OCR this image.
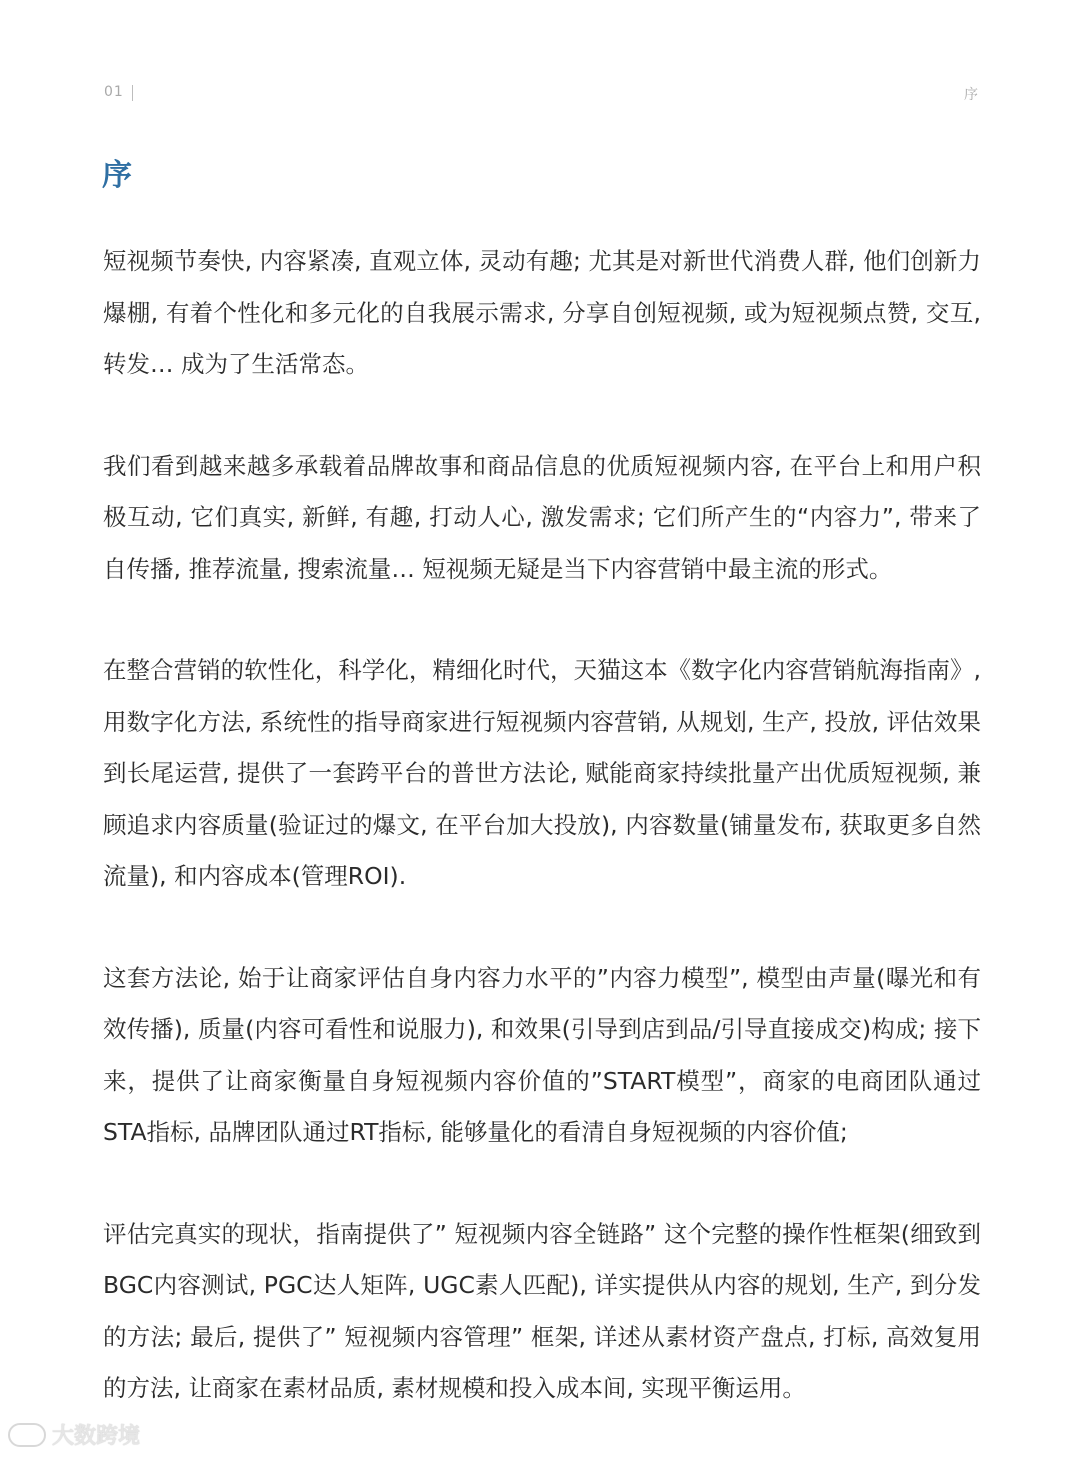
01	序
序

短视频节奏快, 内容紧凑, 直观立体, 灵动有趣; 尤其是对新世代消费人群, 他们创新力爆棚, 有着个性化和多元化的自我展示需求, 分享自创短视频, 或为短视频点赞, 交互, 转发… 成为了生活常态。

我们看到越来越多承载着品牌故事和商品信息的优质短视频内容, 在平台上和用户积极互动, 它们真实, 新鲜, 有趣, 打动人心, 激发需求; 它们所产生的“内容力”, 带来了自传播, 推荐流量, 搜索流量… 短视频无疑是当下内容营销中最主流的形式。

在整合营销的软性化，科学化，精细化时代，天猫这本《数字化内容营销航海指南》, 用数字化方法, 系统性的指导商家进行短视频内容营销, 从规划, 生产, 投放, 评估效果到长尾运营, 提供了一套跨平台的普世方法论, 赋能商家持续批量产出优质短视频, 兼顾追求内容质量(验证过的爆文, 在平台加大投放), 内容数量(铺量发布, 获取更多自然流量), 和内容成本(管理ROI).

这套方法论, 始于让商家评估自身内容力水平的”内容力模型”, 模型由声量(曝光和有效传播), 质量(内容可看性和说服力), 和效果(引导到店到品/引导直接成交)构成; 接下来，提供了让商家衡量自身短视频内容价值的”START模型”，商家的电商团队通过STA指标, 品牌团队通过RT指标, 能够量化的看清自身短视频的内容价值;

评估完真实的现状，指南提供了” 短视频内容全链路” 这个完整的操作性框架(细致到BGC内容测试, PGC达人矩阵, UGC素人匹配), 详实提供从内容的规划, 生产, 到分发的方法; 最后, 提供了” 短视频内容管理” 框架, 详述从素材资产盘点, 打标, 高效复用的方法, 让商家在素材品质, 素材规模和投入成本间, 实现平衡运用。

大数跨境
